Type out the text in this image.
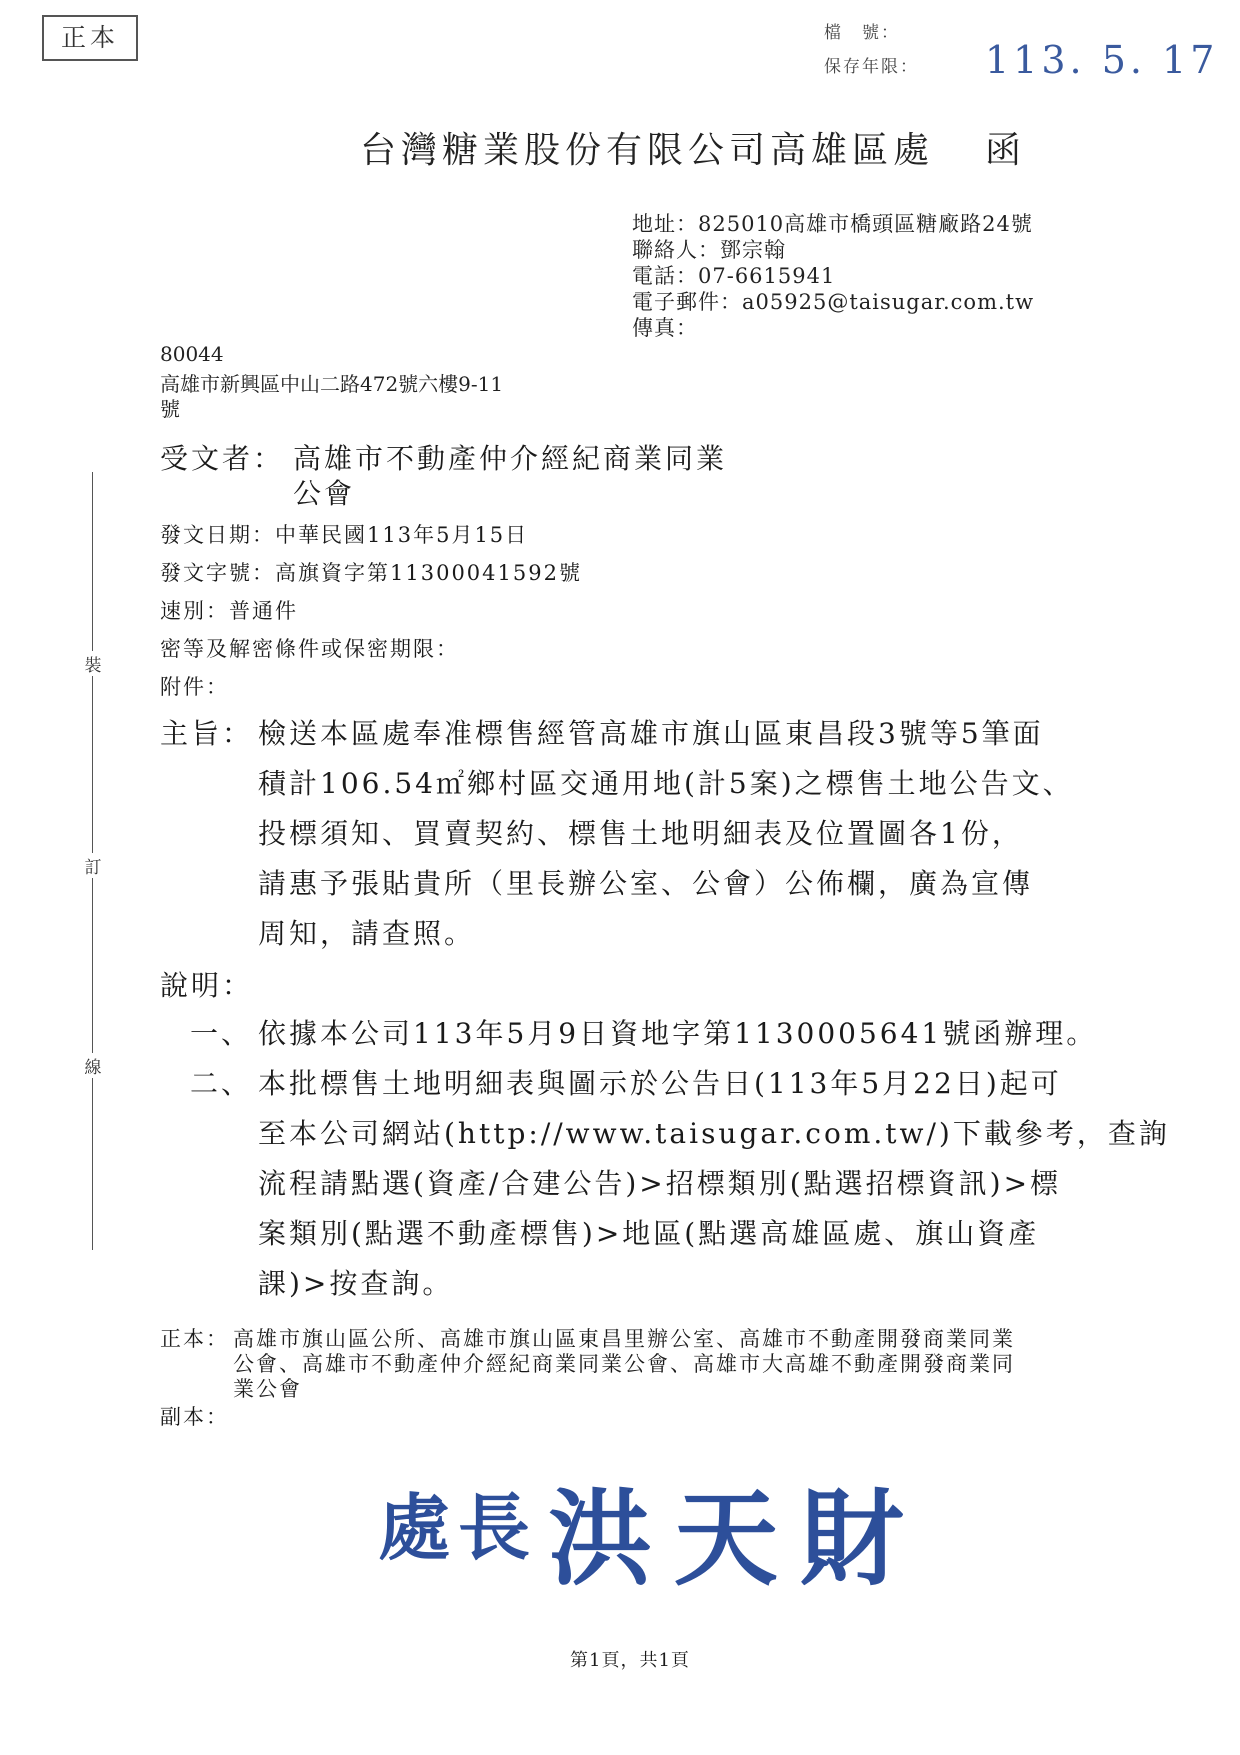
正本	檔　號：
保存年限： 113. 5. 17
台灣糖業股份有限公司高雄區處 函
地址：825010高雄市橋頭區糖廠路24號
聯絡人：鄧宗翰
電話：07-6615941
電子郵件：a05925@taisugar.com.tw
傳真：
80044
高雄市新興區中山二路472號六樓9-11
號
受文者： 高雄市不動產仲介經紀商業同業
公會
發文日期：中華民國113年5月15日
發文字號：高旗資字第11300041592號
速別：普通件
密等及解密條件或保密期限：
附件：
主旨： 檢送本區處奉准標售經管高雄市旗山區東昌段3號等5筆面
積計106.54㎡鄉村區交通用地(計5案)之標售土地公告文、
投標須知、買賣契約、標售土地明細表及位置圖各1份，
請惠予張貼貴所（里長辦公室、公會）公佈欄，廣為宣傳
周知，請查照。
說明：
一、 依據本公司113年5月9日資地字第1130005641號函辦理。
二、 本批標售土地明細表與圖示於公告日(113年5月22日)起可
至本公司網站(http://www.taisugar.com.tw/)下載參考，查詢
流程請點選(資產/合建公告)>招標類別(點選招標資訊)>標
案類別(點選不動產標售)>地區(點選高雄區處、旗山資產
課)>按查詢。
正本： 高雄市旗山區公所、高雄市旗山區東昌里辦公室、高雄市不動產開發商業同業
公會、高雄市不動產仲介經紀商業同業公會、高雄市大高雄不動產開發商業同
業公會
副本：
裝
訂
線
處長 洪天財
第1頁，共1頁
